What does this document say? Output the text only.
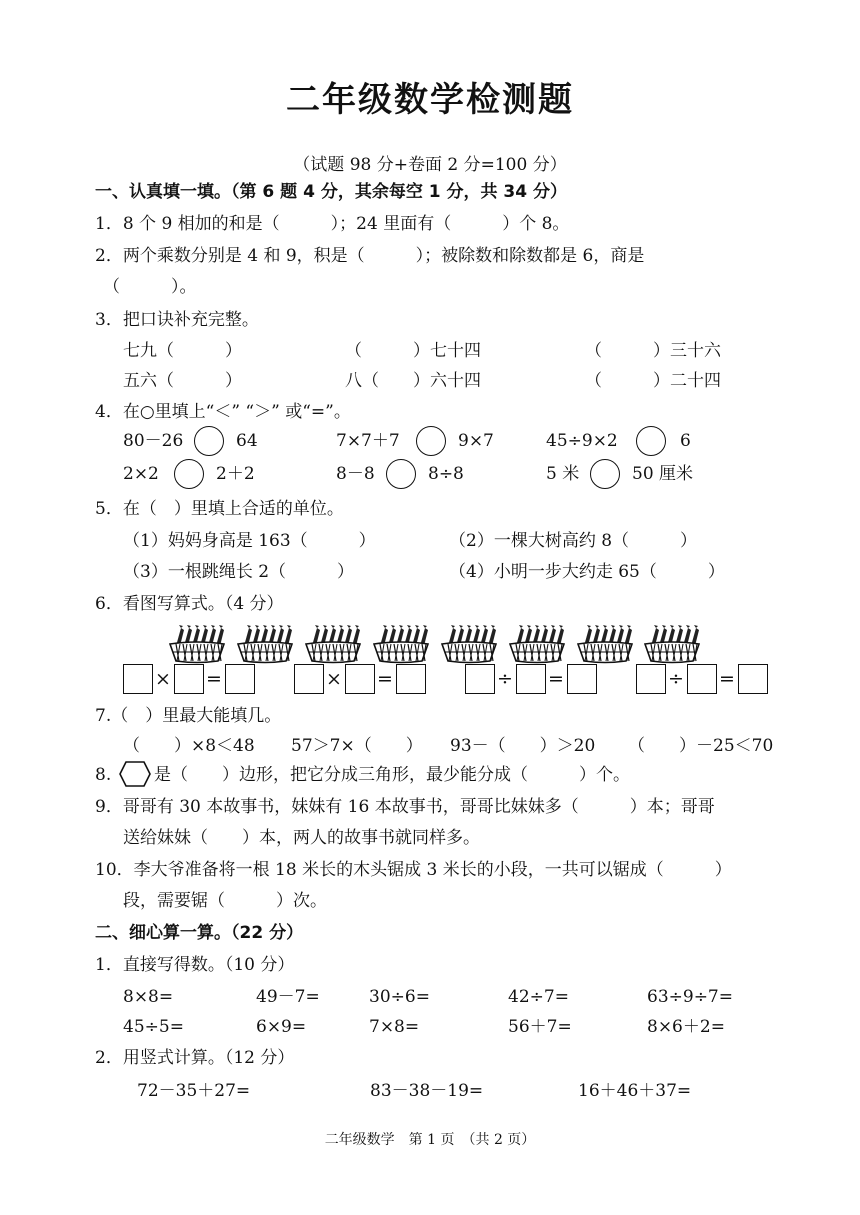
二年级数学检测题
（试题 98 分+卷面 2 分=100 分）
一、认真填一填。（第 6 题 4 分，其余每空 1 分，共 34 分）
1．8 个 9 相加的和是（　　　）；24 里面有（　　　）个 8。
2．两个乘数分别是 4 和 9，积是（　　　）；被除数和除数都是 6，商是
（　　　）。
3．把口诀补充完整。
七九（　　　）	（　　　）七十四	（　　　）三十六
五六（　　　）	八（　　）六十四	（　　　）二十四
4．在○里填上“＜” “＞” 或“=”。
80－26	64	7×7＋7	9×7	45÷9×2	6
2×2	2＋2	8－8	8÷8	5 米	50 厘米
5．在（　）里填上合适的单位。
（1）妈妈身高是 163（　　　）	（2）一棵大树高约 8（　　　）
（3）一根跳绳长 2（　　　）	（4）小明一步大约走 65（　　　）
6．看图写算式。（4 分）
× =	× =	÷ =	÷ =
7.（　）里最大能填几。
（　　）×8＜48 57＞7×（　　） 93－（　　）＞20 （　　）－25＜70
8.	是（　　）边形，把它分成三角形，最少能分成（　　　）个。
9．哥哥有 30 本故事书，妹妹有 16 本故事书，哥哥比妹妹多（　　　）本；哥哥
送给妹妹（　　）本，两人的故事书就同样多。
10．李大爷准备将一根 18 米长的木头锯成 3 米长的小段，一共可以锯成（　　　）
段，需要锯（　　　）次。
二、细心算一算。（22 分）
1．直接写得数。（10 分）
8×8=	49－7=	30÷6=	42÷7=	63÷9÷7=
45÷5=	6×9=	7×8=	56＋7=	8×6＋2=
2．用竖式计算。（12 分）
72－35＋27=	83－38－19=	16＋46＋37=
二年级数学　第 1 页　（共 2 页）
